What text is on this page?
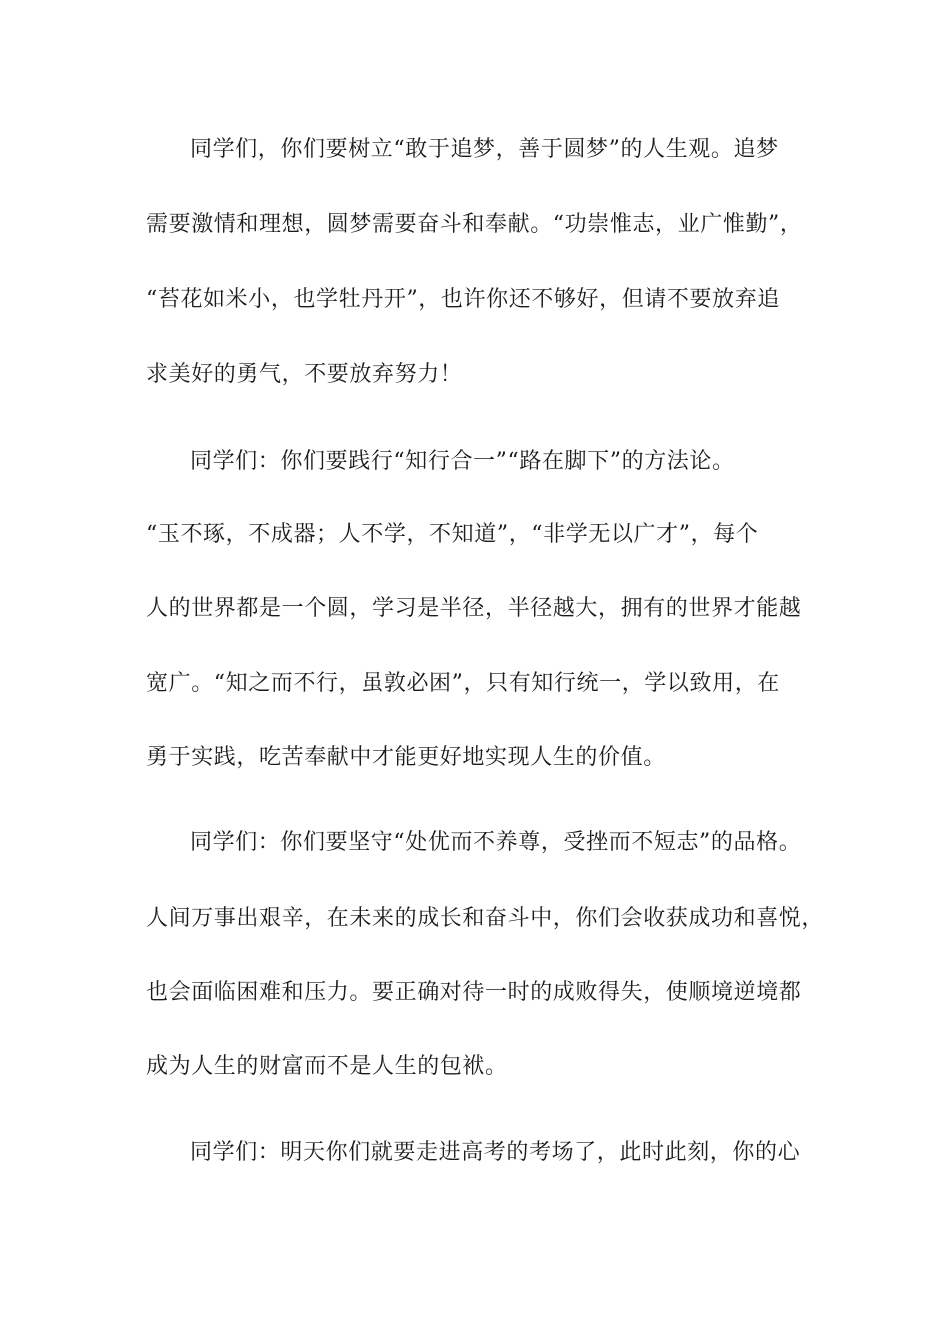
同学们，你们要树立“敢于追梦，善于圆梦”的人生观。追梦
需要激情和理想，圆梦需要奋斗和奉献。“功崇惟志，业广惟勤”，
“苔花如米小，也学牡丹开”，也许你还不够好，但请不要放弃追
求美好的勇气，不要放弃努力！
同学们：你们要践行“知行合一”“路在脚下”的方法论。
“玉不琢，不成器；人不学，不知道”，“非学无以广才”，每个
人的世界都是一个圆，学习是半径，半径越大，拥有的世界才能越
宽广。“知之而不行，虽敦必困”，只有知行统一，学以致用，在
勇于实践，吃苦奉献中才能更好地实现人生的价值。
同学们：你们要坚守“处优而不养尊，受挫而不短志”的品格。
人间万事出艰辛，在未来的成长和奋斗中，你们会收获成功和喜悦，
也会面临困难和压力。要正确对待一时的成败得失，使顺境逆境都
成为人生的财富而不是人生的包袱。
同学们：明天你们就要走进高考的考场了，此时此刻，你的心
